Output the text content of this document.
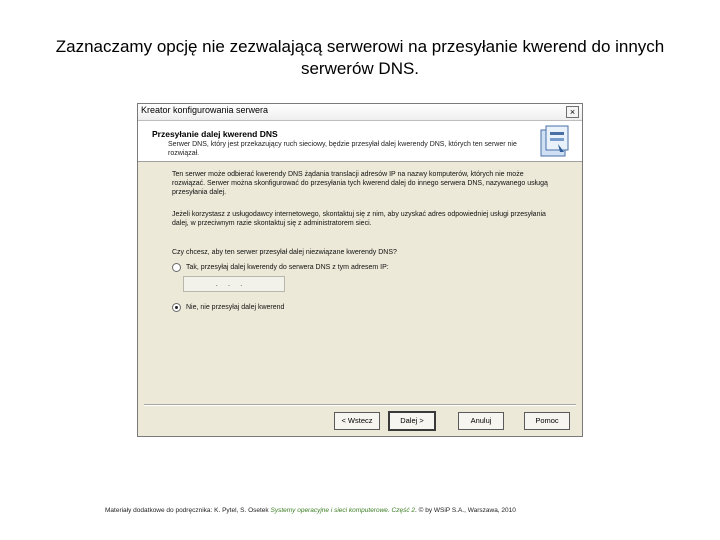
Zaznaczamy opcję nie zezwalającą serwerowi na przesyłanie kwerend do innych serwerów DNS.
Kreator konfigurowania serwera	×
Przesyłanie dalej kwerend DNS
Serwer DNS, który jest przekazujący ruch sieciowy, będzie przesyłał dalej kwerendy DNS, których ten serwer nie rozwiązał.
Ten serwer może odbierać kwerendy DNS żądania translacji adresów IP na nazwy komputerów, których nie może rozwiązać. Serwer można skonfigurować do przesyłania tych kwerend dalej do innego serwera DNS, nazywanego usługą przesyłania dalej.
Jeżeli korzystasz z usługodawcy internetowego, skontaktuj się z nim, aby uzyskać adres odpowiedniej usługi przesyłania dalej, w przeciwnym razie skontaktuj się z administratorem sieci.
Czy chcesz, aby ten serwer przesyłał dalej niezwiązane kwerendy DNS?
Tak, przesyłaj dalej kwerendy do serwera DNS z tym adresem IP:
...
Nie, nie przesyłaj dalej kwerend
< Wstecz	Dalej >	Anuluj	Pomoc
Materiały dodatkowe do podręcznika: K. Pytel, S. Osetek Systemy operacyjne i sieci komputerowe. Część 2. © by WSiP S.A., Warszawa, 2010
